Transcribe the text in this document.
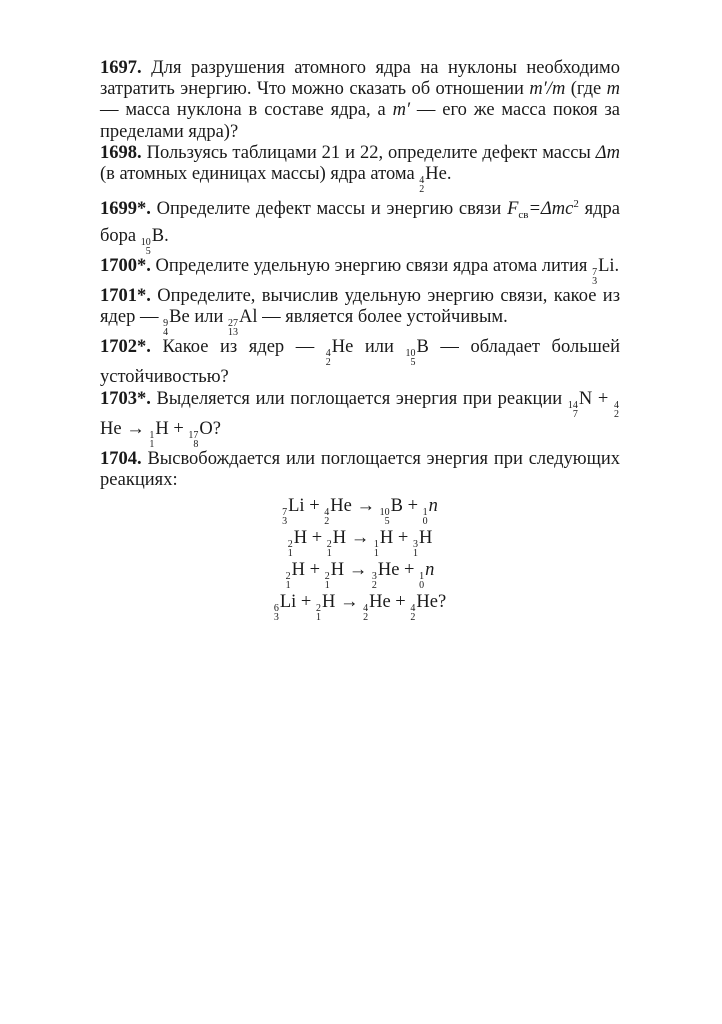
1697. Для разрушения атомного ядра на нуклоны необходимо затратить энергию. Что можно сказать об отношении m′/m (где m — масса нуклона в составе ядра, а m′ — его же масса покоя за пределами ядра)?

1698. Пользуясь таблицами 21 и 22, определите дефект массы Δm (в атомных единицах массы) ядра атома 4
2
He.

1699*. Определите дефект массы и энергию связи $F_{св}=\Delta mc^2$ ядра бора 10
5
B.

1700*. Определите удельную энергию связи ядра атома лития 7
3
Li.

1701*. Определите, вычислив удельную энергию связи, какое из ядер — 9
4
Be или 27
13
Al — является более устойчивым.

1702*. Какое из ядер — 4
2
He или 10
5
B — обладает большей устойчивостью?

1703*. Выделяется или поглощается энергия при реакции 14
7
N + 4
2
He → 1
1
H + 17
8
O?

1704. Высвобождается или поглощается энергия при следующих реакциях:

7
3
Li + 4
2
He → 10
5
B + 1
0
n
2
1
H + 2
1
H → 1
1
H + 3
1
H
2
1
H + 2
1
H → 3
2
He + 1
0
n
6
3
Li + 2
1
H → 4
2
He + 4
2
He?
